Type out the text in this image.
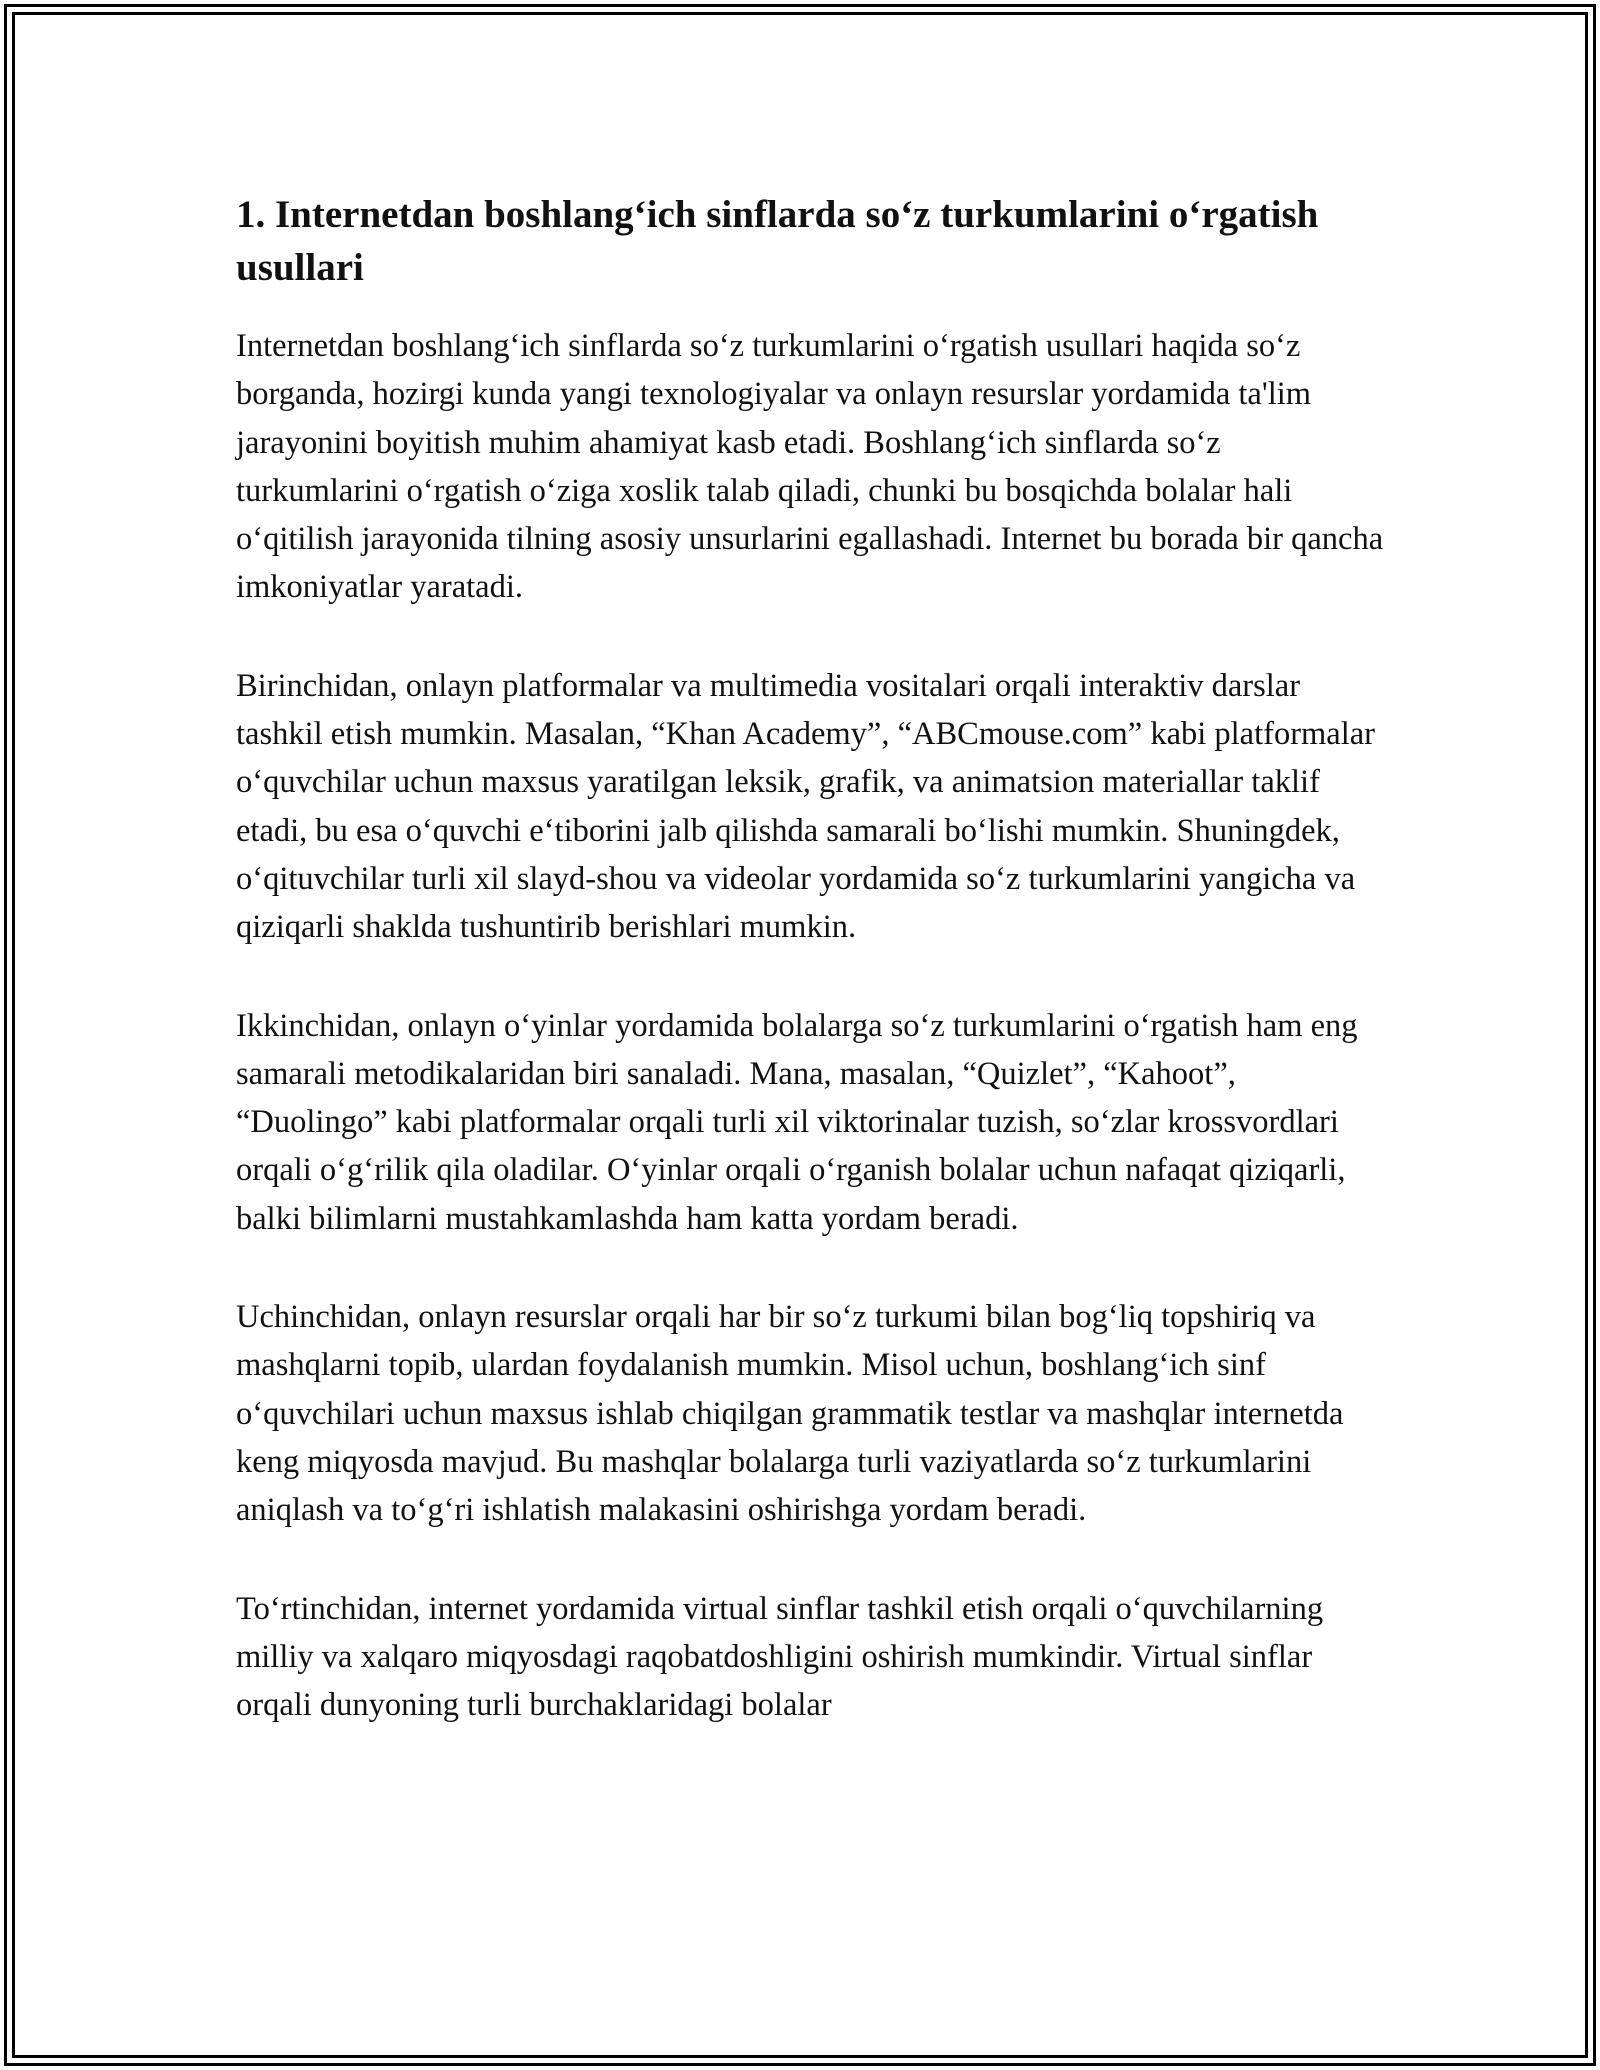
1. Internetdan boshlang‘ich sinflarda so‘z turkumlarini o‘rgatish usullari

Internetdan boshlang‘ich sinflarda so‘z turkumlarini o‘rgatish usullari haqida so‘z borganda, hozirgi kunda yangi texnologiyalar va onlayn resurslar yordamida ta'lim jarayonini boyitish muhim ahamiyat kasb etadi. Boshlang‘ich sinflarda so‘z turkumlarini o‘rgatish o‘ziga xoslik talab qiladi, chunki bu bosqichda bolalar hali o‘qitilish jarayonida tilning asosiy unsurlarini egallashadi. Internet bu borada bir qancha imkoniyatlar yaratadi.

Birinchidan, onlayn platformalar va multimedia vositalari orqali interaktiv darslar tashkil etish mumkin. Masalan, “Khan Academy”, “ABCmouse.com” kabi platformalar o‘quvchilar uchun maxsus yaratilgan leksik, grafik, va animatsion materiallar taklif etadi, bu esa o‘quvchi e‘tiborini jalb qilishda samarali bo‘lishi mumkin. Shuningdek, o‘qituvchilar turli xil slayd-shou va videolar yordamida so‘z turkumlarini yangicha va qiziqarli shaklda tushuntirib berishlari mumkin.

Ikkinchidan, onlayn o‘yinlar yordamida bolalarga so‘z turkumlarini o‘rgatish ham eng samarali metodikalaridan biri sanaladi. Mana, masalan, “Quizlet”, “Kahoot”, “Duolingo” kabi platformalar orqali turli xil viktorinalar tuzish, so‘zlar krossvordlari orqali o‘g‘rilik qila oladilar. O‘yinlar orqali o‘rganish bolalar uchun nafaqat qiziqarli, balki bilimlarni mustahkamlashda ham katta yordam beradi.

Uchinchidan, onlayn resurslar orqali har bir so‘z turkumi bilan bog‘liq topshiriq va mashqlarni topib, ulardan foydalanish mumkin. Misol uchun, boshlang‘ich sinf o‘quvchilari uchun maxsus ishlab chiqilgan grammatik testlar va mashqlar internetda keng miqyosda mavjud. Bu mashqlar bolalarga turli vaziyatlarda so‘z turkumlarini aniqlash va to‘g‘ri ishlatish malakasini oshirishga yordam beradi.

To‘rtinchidan, internet yordamida virtual sinflar tashkil etish orqali o‘quvchilarning milliy va xalqaro miqyosdagi raqobatdoshligini oshirish mumkindir. Virtual sinflar orqali dunyoning turli burchaklaridagi bolalar
